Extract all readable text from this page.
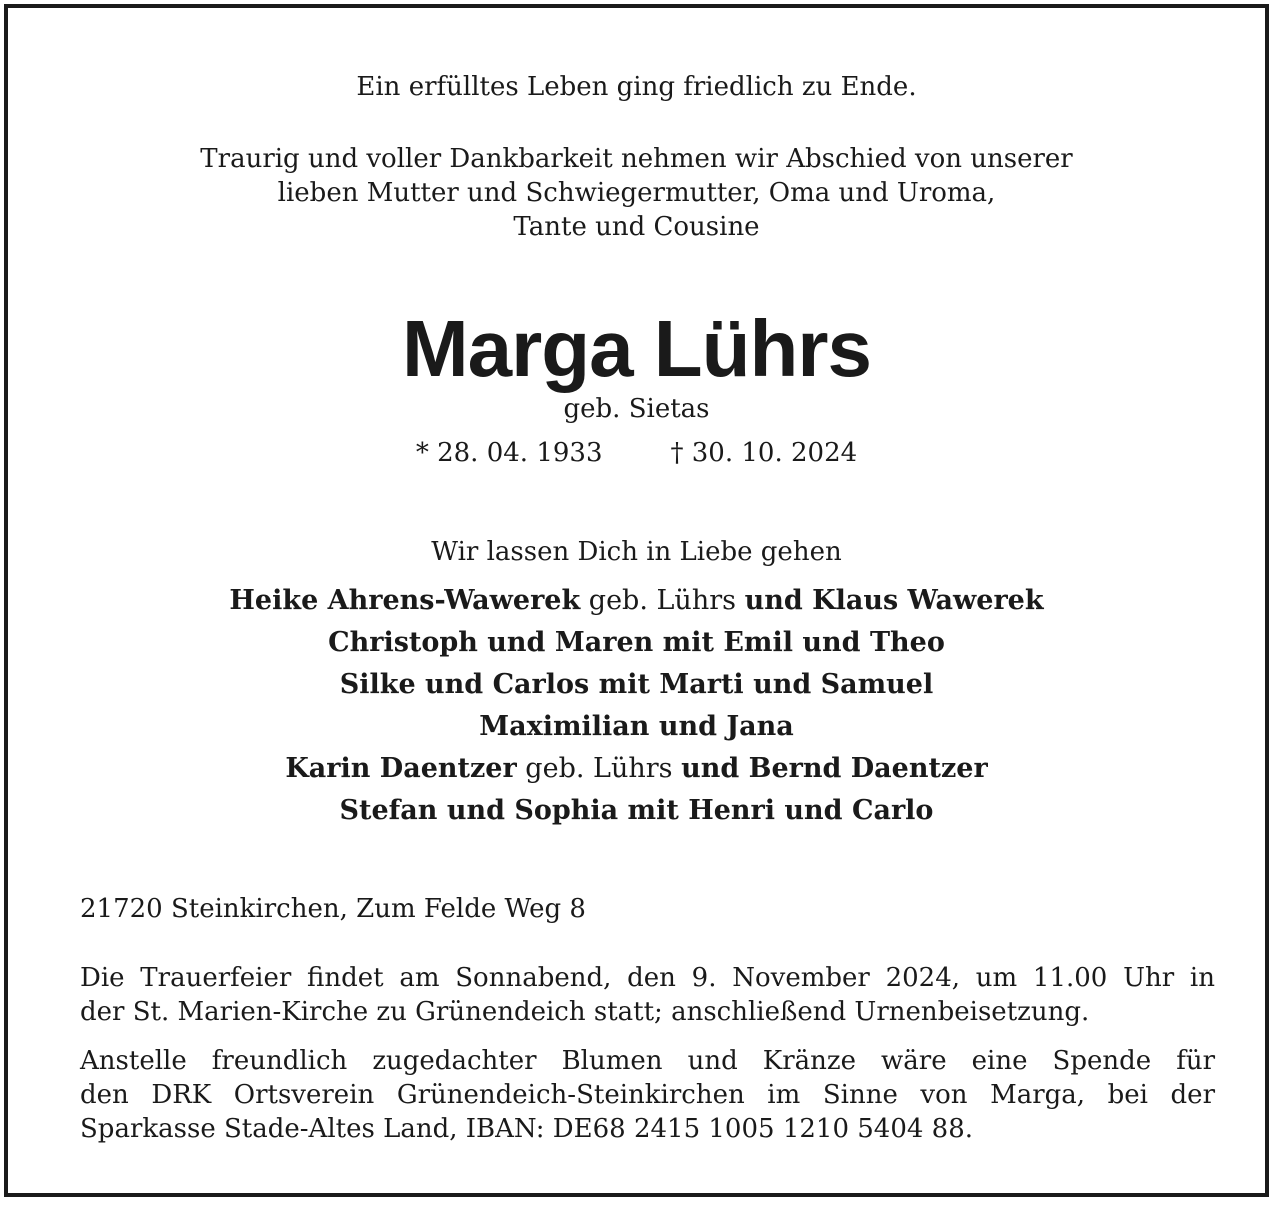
Ein erfülltes Leben ging friedlich zu Ende.
Traurig und voller Dankbarkeit nehmen wir Abschied von unserer
lieben Mutter und Schwiegermutter, Oma und Uroma,
Tante und Cousine
Marga Lührs
geb. Sietas
* 28. 04. 1933	† 30. 10. 2024
Wir lassen Dich in Liebe gehen
Heike Ahrens-Wawerek geb. Lührs und Klaus Wawerek
Christoph und Maren mit Emil und Theo
Silke und Carlos mit Marti und Samuel
Maximilian und Jana
Karin Daentzer geb. Lührs und Bernd Daentzer
Stefan und Sophia mit Henri und Carlo
21720 Steinkirchen, Zum Felde Weg 8
Die Trauerfeier findet am Sonnabend, den 9. November 2024, um 11.00 Uhr in
der St. Marien-Kirche zu Grünendeich statt; anschließend Urnenbeisetzung.
Anstelle freundlich zugedachter Blumen und Kränze wäre eine Spende für
den DRK Ortsverein Grünendeich-Steinkirchen im Sinne von Marga, bei der
Sparkasse Stade-Altes Land, IBAN: DE68 2415 1005 1210 5404 88.
